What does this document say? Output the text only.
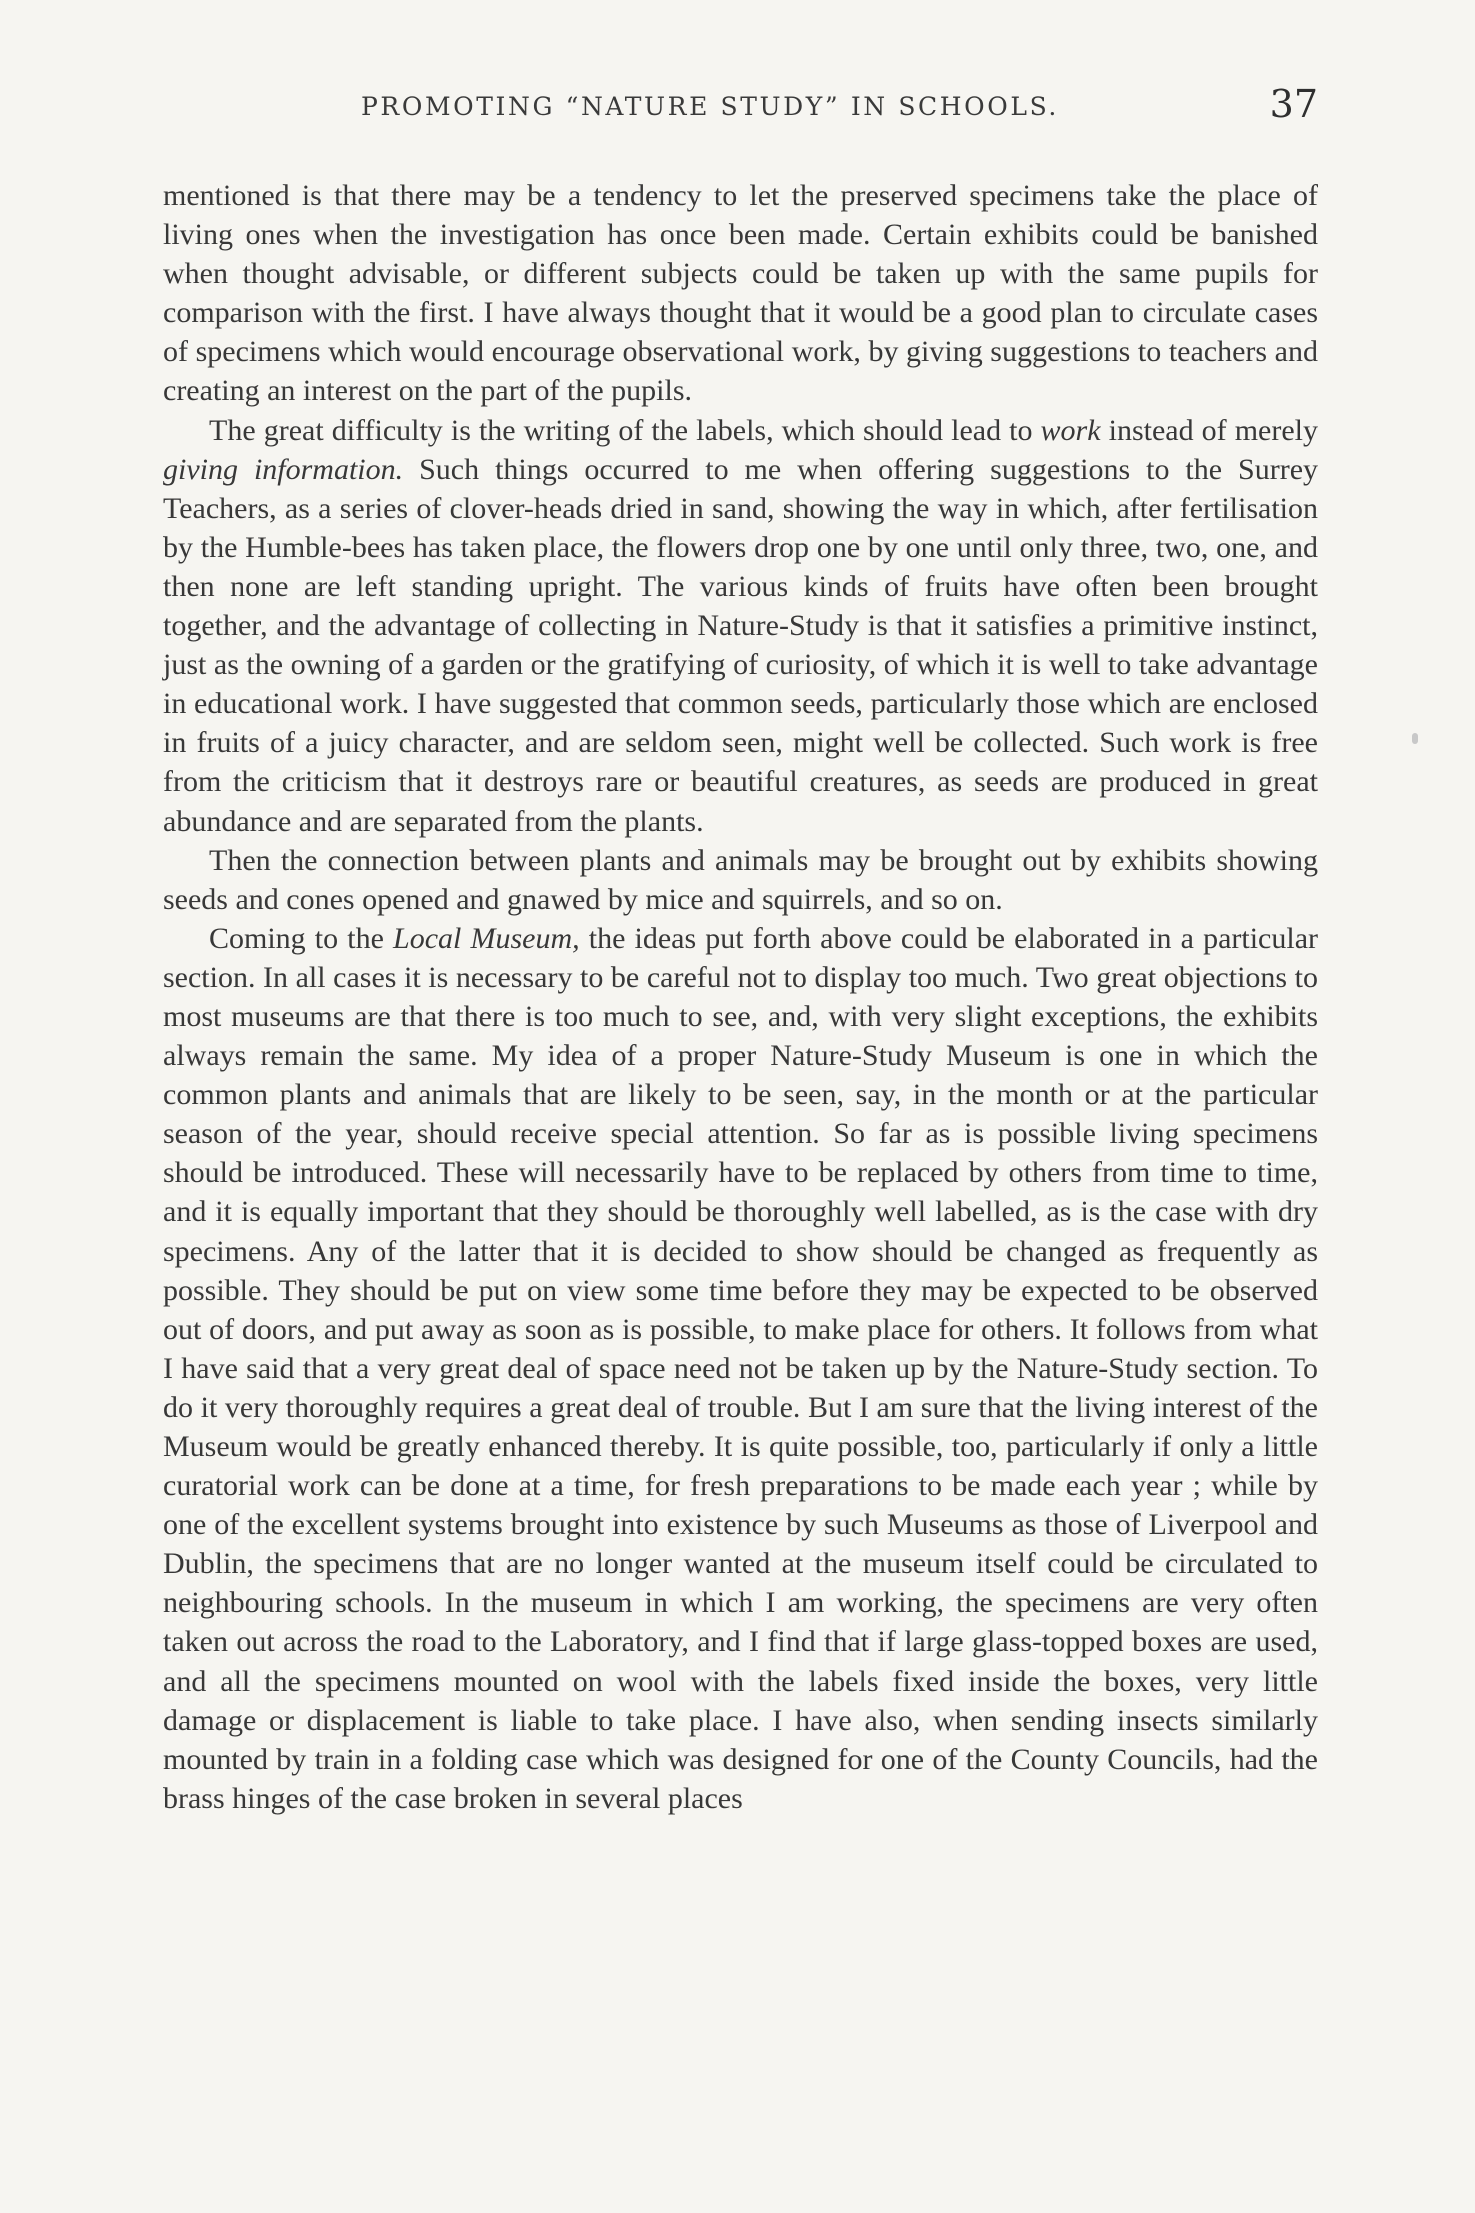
PROMOTING “NATURE STUDY” IN SCHOOLS.	37

mentioned is that there may be a tendency to let the preserved specimens take the place of living ones when the investigation has once been made. Certain exhibits could be banished when thought advisable, or different subjects could be taken up with the same pupils for comparison with the first. I have always thought that it would be a good plan to circulate cases of specimens which would encourage observational work, by giving suggestions to teachers and creating an interest on the part of the pupils.

The great difficulty is the writing of the labels, which should lead to work instead of merely giving information. Such things occurred to me when offering suggestions to the Surrey Teachers, as a series of clover-heads dried in sand, showing the way in which, after fertilisation by the Humble-bees has taken place, the flowers drop one by one until only three, two, one, and then none are left standing upright. The various kinds of fruits have often been brought together, and the advantage of collecting in Nature-Study is that it satisfies a primitive instinct, just as the owning of a garden or the gratifying of curiosity, of which it is well to take advantage in educational work. I have suggested that common seeds, particularly those which are enclosed in fruits of a juicy character, and are seldom seen, might well be collected. Such work is free from the criticism that it destroys rare or beautiful creatures, as seeds are produced in great abundance and are separated from the plants.

Then the connection between plants and animals may be brought out by exhibits showing seeds and cones opened and gnawed by mice and squirrels, and so on.

Coming to the Local Museum, the ideas put forth above could be elaborated in a particular section. In all cases it is necessary to be careful not to display too much. Two great objections to most museums are that there is too much to see, and, with very slight exceptions, the exhibits always remain the same. My idea of a proper Nature-Study Museum is one in which the common plants and animals that are likely to be seen, say, in the month or at the particular season of the year, should receive special attention. So far as is possible living specimens should be introduced. These will necessarily have to be replaced by others from time to time, and it is equally important that they should be thoroughly well labelled, as is the case with dry specimens. Any of the latter that it is decided to show should be changed as frequently as possible. They should be put on view some time before they may be expected to be observed out of doors, and put away as soon as is possible, to make place for others. It follows from what I have said that a very great deal of space need not be taken up by the Nature-Study section. To do it very thoroughly requires a great deal of trouble. But I am sure that the living interest of the Museum would be greatly enhanced thereby. It is quite possible, too, particularly if only a little curatorial work can be done at a time, for fresh preparations to be made each year ; while by one of the excellent systems brought into existence by such Museums as those of Liverpool and Dublin, the specimens that are no longer wanted at the museum itself could be circulated to neighbouring schools. In the museum in which I am working, the specimens are very often taken out across the road to the Laboratory, and I find that if large glass-topped boxes are used, and all the specimens mounted on wool with the labels fixed inside the boxes, very little damage or displacement is liable to take place. I have also, when sending insects similarly mounted by train in a folding case which was designed for one of the County Councils, had the brass hinges of the case broken in several places
